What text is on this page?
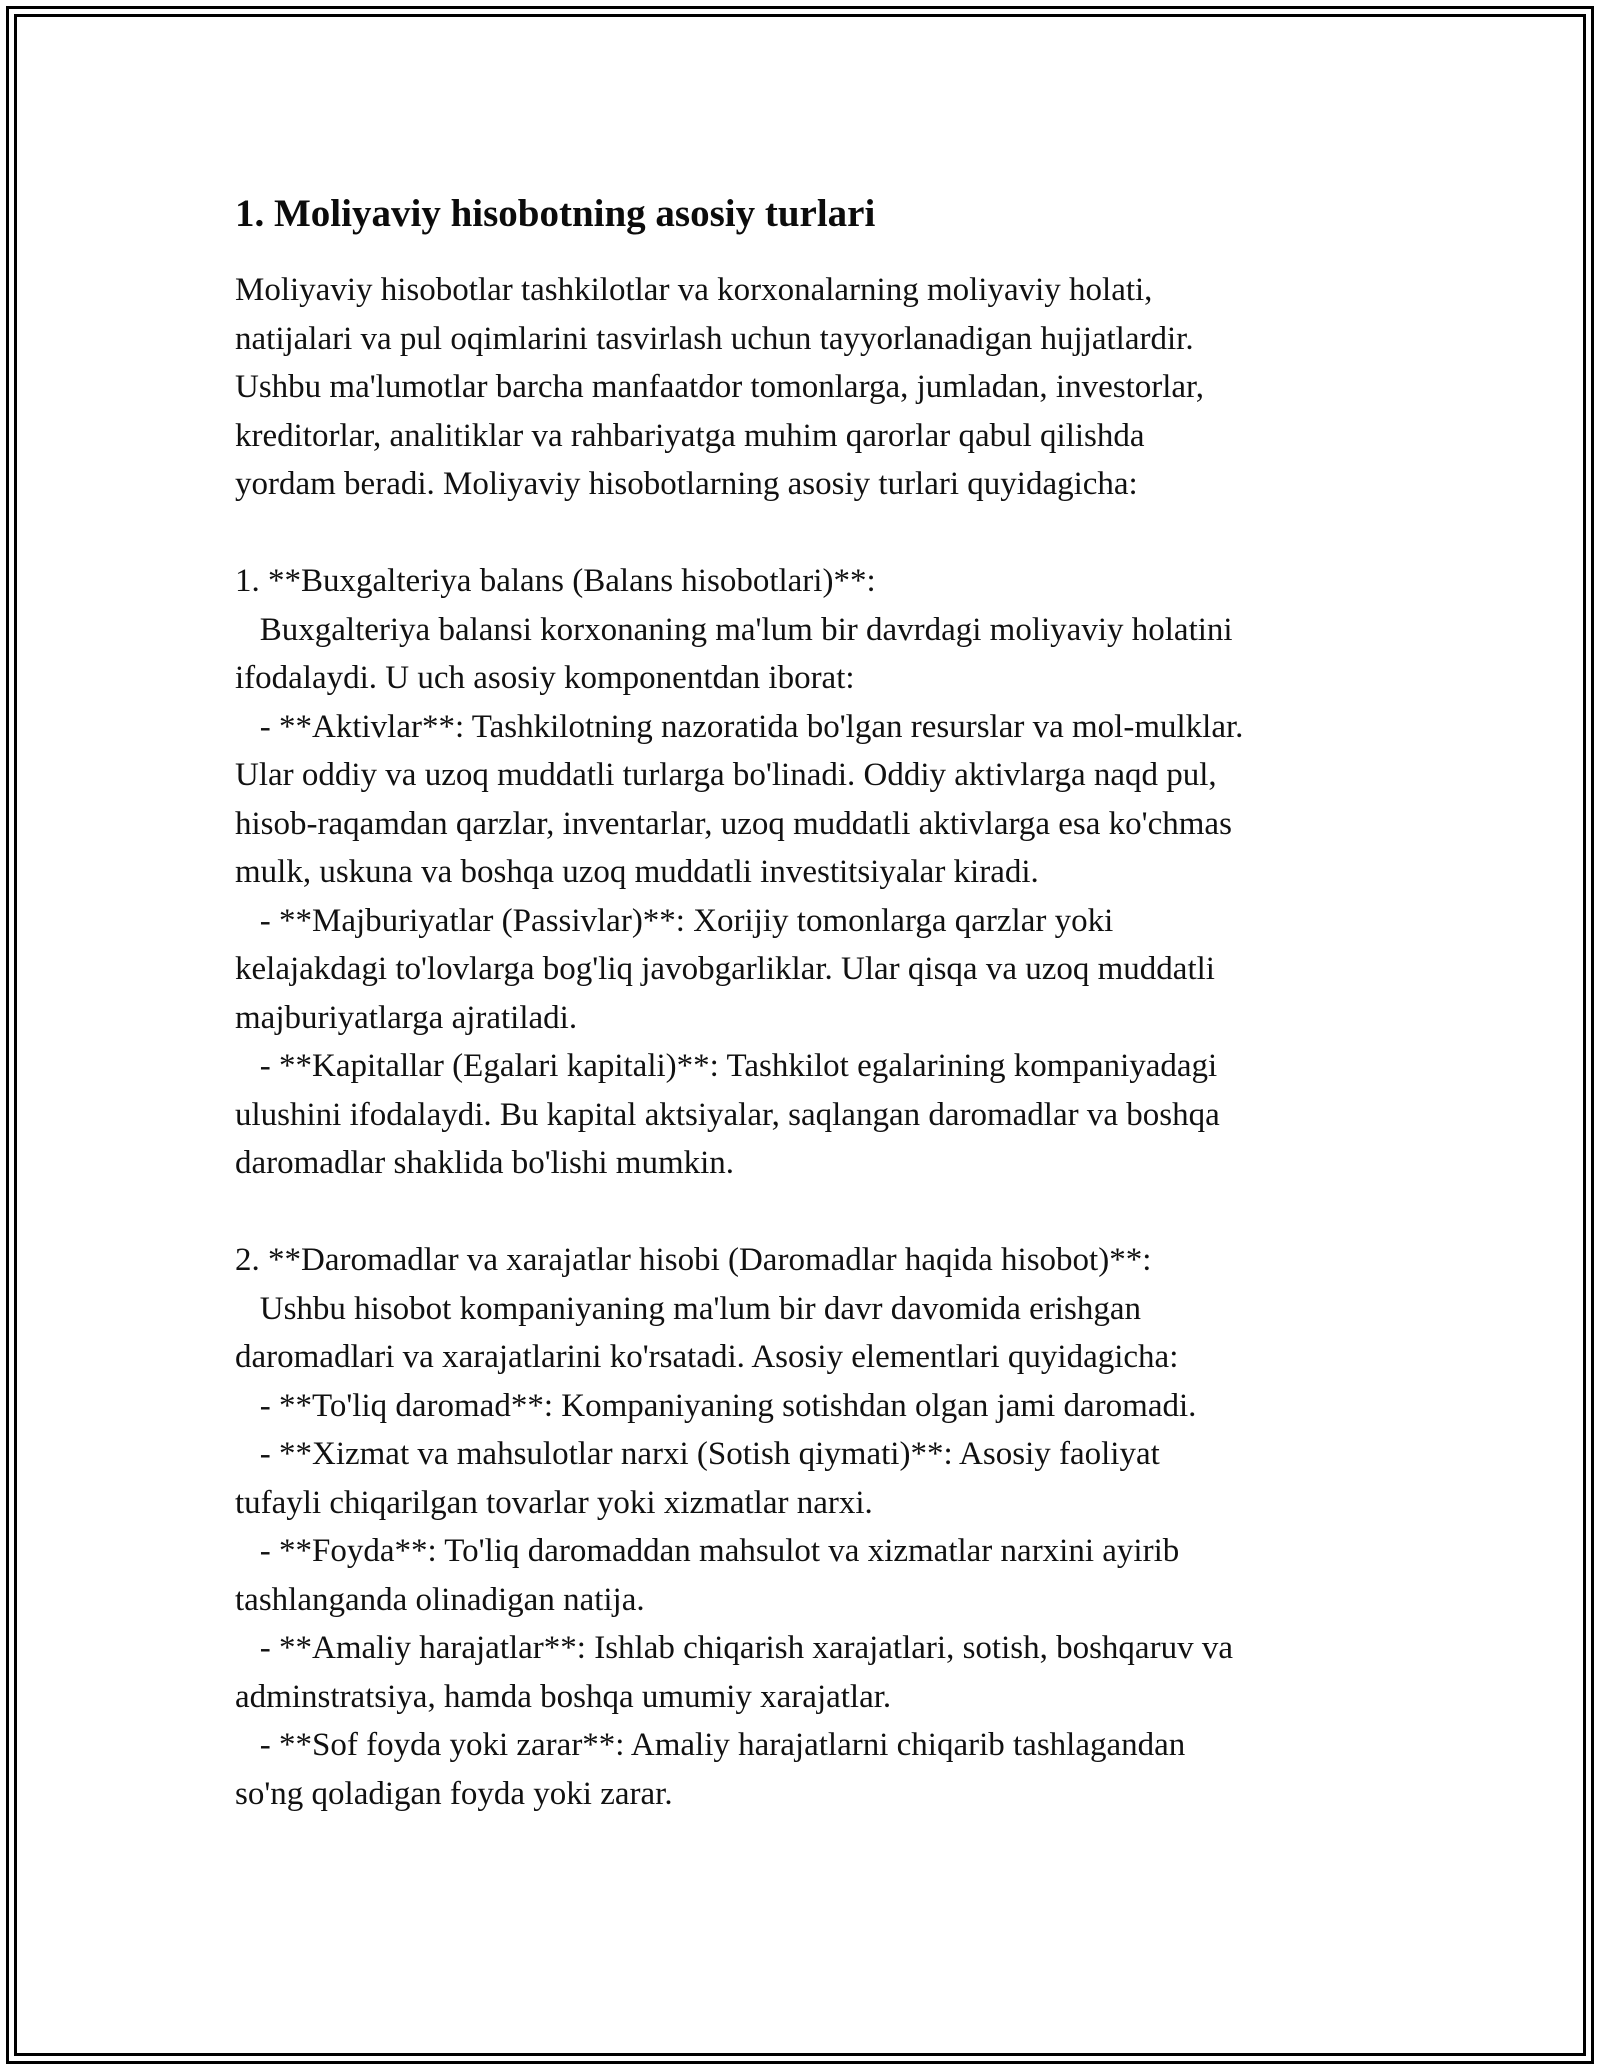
1. Moliyaviy hisobotning asosiy turlari
Moliyaviy hisobotlar tashkilotlar va korxonalarning moliyaviy holati,
natijalari va pul oqimlarini tasvirlash uchun tayyorlanadigan hujjatlardir.
Ushbu ma'lumotlar barcha manfaatdor tomonlarga, jumladan, investorlar,
kreditorlar, analitiklar va rahbariyatga muhim qarorlar qabul qilishda
yordam beradi. Moliyaviy hisobotlarning asosiy turlari quyidagicha:
1. **Buxgalteriya balans (Balans hisobotlari)**:
Buxgalteriya balansi korxonaning ma'lum bir davrdagi moliyaviy holatini
ifodalaydi. U uch asosiy komponentdan iborat:
- **Aktivlar**: Tashkilotning nazoratida bo'lgan resurslar va mol-mulklar.
Ular oddiy va uzoq muddatli turlarga bo'linadi. Oddiy aktivlarga naqd pul,
hisob-raqamdan qarzlar, inventarlar, uzoq muddatli aktivlarga esa ko'chmas
mulk, uskuna va boshqa uzoq muddatli investitsiyalar kiradi.
- **Majburiyatlar (Passivlar)**: Xorijiy tomonlarga qarzlar yoki
kelajakdagi to'lovlarga bog'liq javobgarliklar. Ular qisqa va uzoq muddatli
majburiyatlarga ajratiladi.
- **Kapitallar (Egalari kapitali)**: Tashkilot egalarining kompaniyadagi
ulushini ifodalaydi. Bu kapital aktsiyalar, saqlangan daromadlar va boshqa
daromadlar shaklida bo'lishi mumkin.
2. **Daromadlar va xarajatlar hisobi (Daromadlar haqida hisobot)**:
Ushbu hisobot kompaniyaning ma'lum bir davr davomida erishgan
daromadlari va xarajatlarini ko'rsatadi. Asosiy elementlari quyidagicha:
- **To'liq daromad**: Kompaniyaning sotishdan olgan jami daromadi.
- **Xizmat va mahsulotlar narxi (Sotish qiymati)**: Asosiy faoliyat
tufayli chiqarilgan tovarlar yoki xizmatlar narxi.
- **Foyda**: To'liq daromaddan mahsulot va xizmatlar narxini ayirib
tashlanganda olinadigan natija.
- **Amaliy harajatlar**: Ishlab chiqarish xarajatlari, sotish, boshqaruv va
adminstratsiya, hamda boshqa umumiy xarajatlar.
- **Sof foyda yoki zarar**: Amaliy harajatlarni chiqarib tashlagandan
so'ng qoladigan foyda yoki zarar.
